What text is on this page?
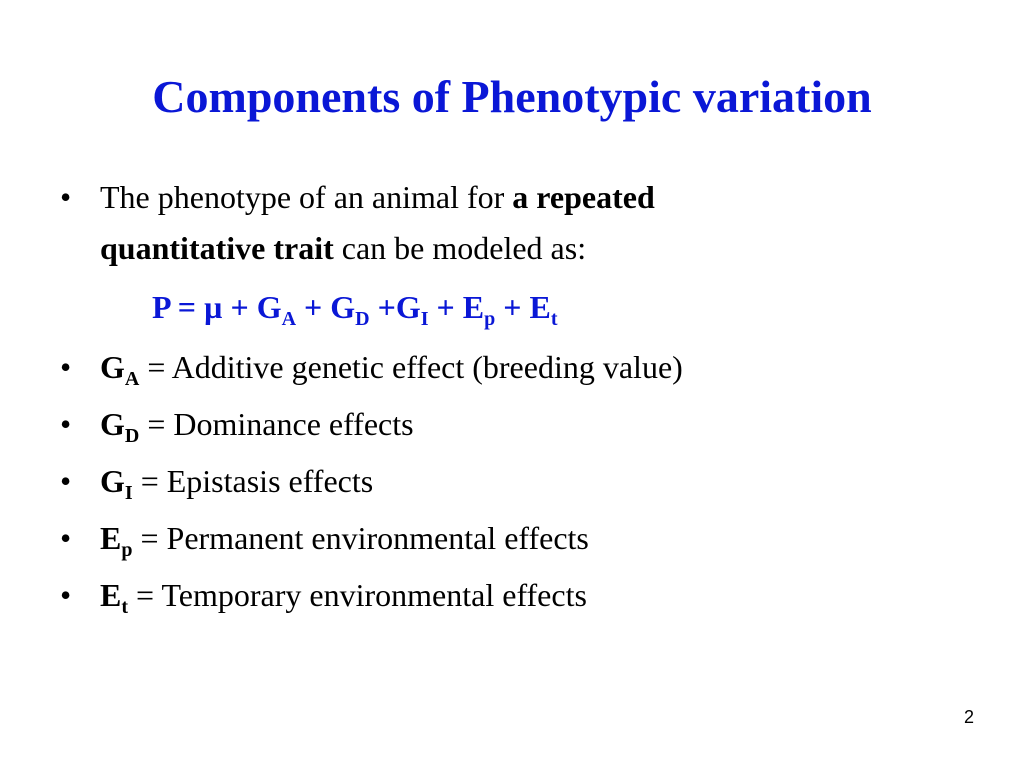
Components of Phenotypic variation
• The phenotype of an animal for a repeated
quantitative trait can be modeled as:
$P = \mu + G_A + G_D +G_I + E_p + E_t$
• $G_A$ = Additive genetic effect (breeding value)
• $G_D$ = Dominance effects
• $G_I$ = Epistasis effects
• $E_p$ = Permanent environmental effects
• $E_t$ = Temporary environmental effects
2
